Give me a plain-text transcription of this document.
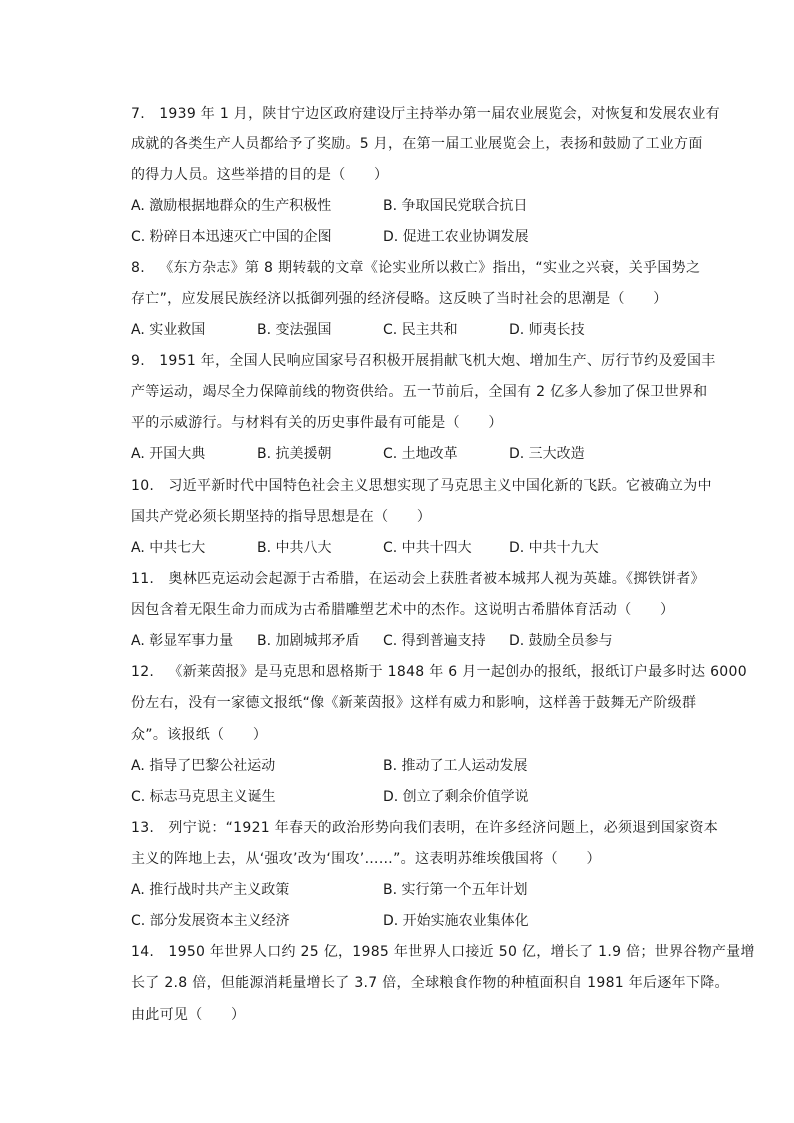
7.   1939 年 1 月，陕甘宁边区政府建设厅主持举办第一届农业展览会，对恢复和发展农业有
成就的各类生产人员都给予了奖励。5 月，在第一届工业展览会上，表扬和鼓励了工业方面
的得力人员。这些举措的目的是（      ）
A. 激励根据地群众的生产积极性	B. 争取国民党联合抗日
C. 粉碎日本迅速灭亡中国的企图	D. 促进工农业协调发展
8.   《东方杂志》第 8 期转载的文章《论实业所以救亡》指出，“实业之兴衰，关乎国势之
存亡”，应发展民族经济以抵御列强的经济侵略。这反映了当时社会的思潮是（      ）
A. 实业救国	B. 变法强国	C. 民主共和	D. 师夷长技
9.   1951 年，全国人民响应国家号召积极开展捐献飞机大炮、增加生产、厉行节约及爱国丰
产等运动，竭尽全力保障前线的物资供给。五一节前后，全国有 2 亿多人参加了保卫世界和
平的示威游行。与材料有关的历史事件最有可能是（      ）
A. 开国大典	B. 抗美援朝	C. 土地改革	D. 三大改造
10.   习近平新时代中国特色社会主义思想实现了马克思主义中国化新的飞跃。它被确立为中
国共产党必须长期坚持的指导思想是在（      ）
A. 中共七大	B. 中共八大	C. 中共十四大	D. 中共十九大
11.   奥林匹克运动会起源于古希腊，在运动会上获胜者被本城邦人视为英雄。《掷铁饼者》
因包含着无限生命力而成为古希腊雕塑艺术中的杰作。这说明古希腊体育活动（      ）
A. 彰显军事力量 B. 加剧城邦矛盾 C. 得到普遍支持 D. 鼓励全员参与
12.   《新莱茵报》是马克思和恩格斯于 1848 年 6 月一起创办的报纸，报纸订户最多时达 6000
份左右，没有一家德文报纸“像《新莱茵报》这样有威力和影响，这样善于鼓舞无产阶级群
众”。该报纸（      ）
A. 指导了巴黎公社运动	B. 推动了工人运动发展
C. 标志马克思主义诞生	D. 创立了剩余价值学说
13.   列宁说：“1921 年春天的政治形势向我们表明，在许多经济问题上，必须退到国家资本
主义的阵地上去，从‘强攻’改为‘围攻’……”。这表明苏维埃俄国将（      ）
A. 推行战时共产主义政策	B. 实行第一个五年计划
C. 部分发展资本主义经济	D. 开始实施农业集体化
14.   1950 年世界人口约 25 亿，1985 年世界人口接近 50 亿，增长了 1.9 倍；世界谷物产量增
长了 2.8 倍，但能源消耗量增长了 3.7 倍，全球粮食作物的种植面积自 1981 年后逐年下降。
由此可见（      ）
